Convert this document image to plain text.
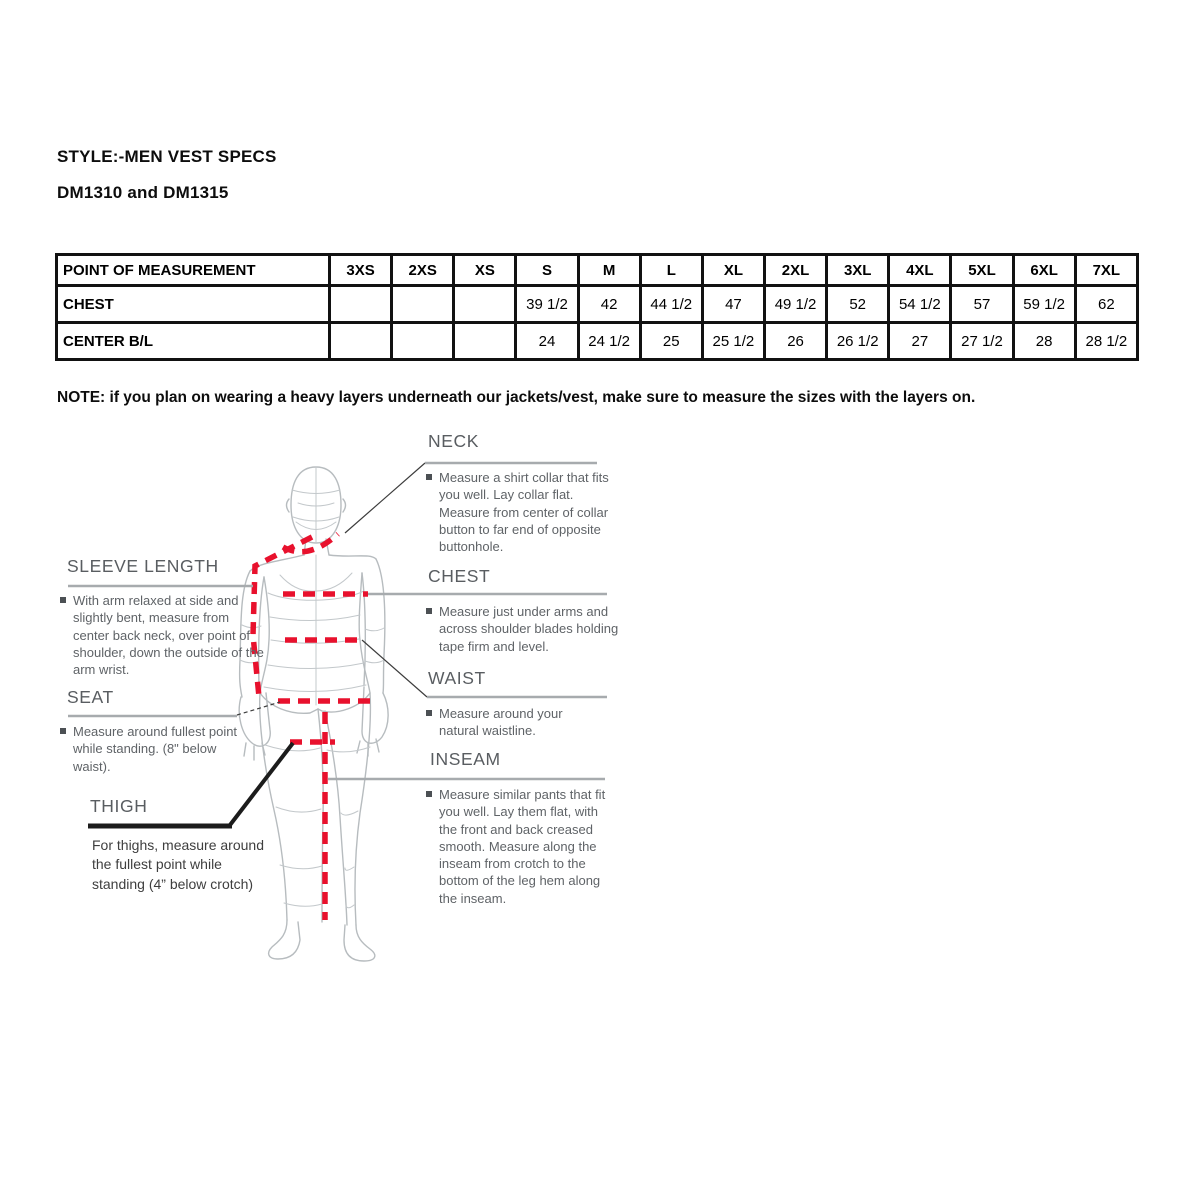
STYLE:-MEN VEST SPECS
DM1310 and DM1315
POINT OF MEASUREMENT	3XS	2XS	XS	S	M	L	XL	2XL	3XL	4XL	5XL	6XL	7XL
CHEST				39 1/2	42	44 1/2	47	49 1/2	52	54 1/2	57	59 1/2	62
CENTER B/L				24	24 1/2	25	25 1/2	26	26 1/2	27	27 1/2	28	28 1/2
NOTE: if you plan on wearing a heavy layers underneath our jackets/vest, make sure to measure the sizes with the layers on.
NECK
Measure a shirt collar that fits you well. Lay collar flat. Measure from center of collar button to far end of opposite buttonhole.
CHEST
Measure just under arms and across shoulder blades holding tape firm and level.
WAIST
Measure around your natural waistline.
INSEAM
Measure similar pants that fit you well. Lay them flat, with the front and back creased smooth. Measure along the inseam from crotch to the bottom of the leg hem along the inseam.
SLEEVE LENGTH
With arm relaxed at side and slightly bent, measure from center back neck, over point of shoulder, down the outside of the arm wrist.
SEAT
Measure around fullest point while standing. (8" below waist).
THIGH
For thighs, measure around the fullest point while standing (4” below crotch)
